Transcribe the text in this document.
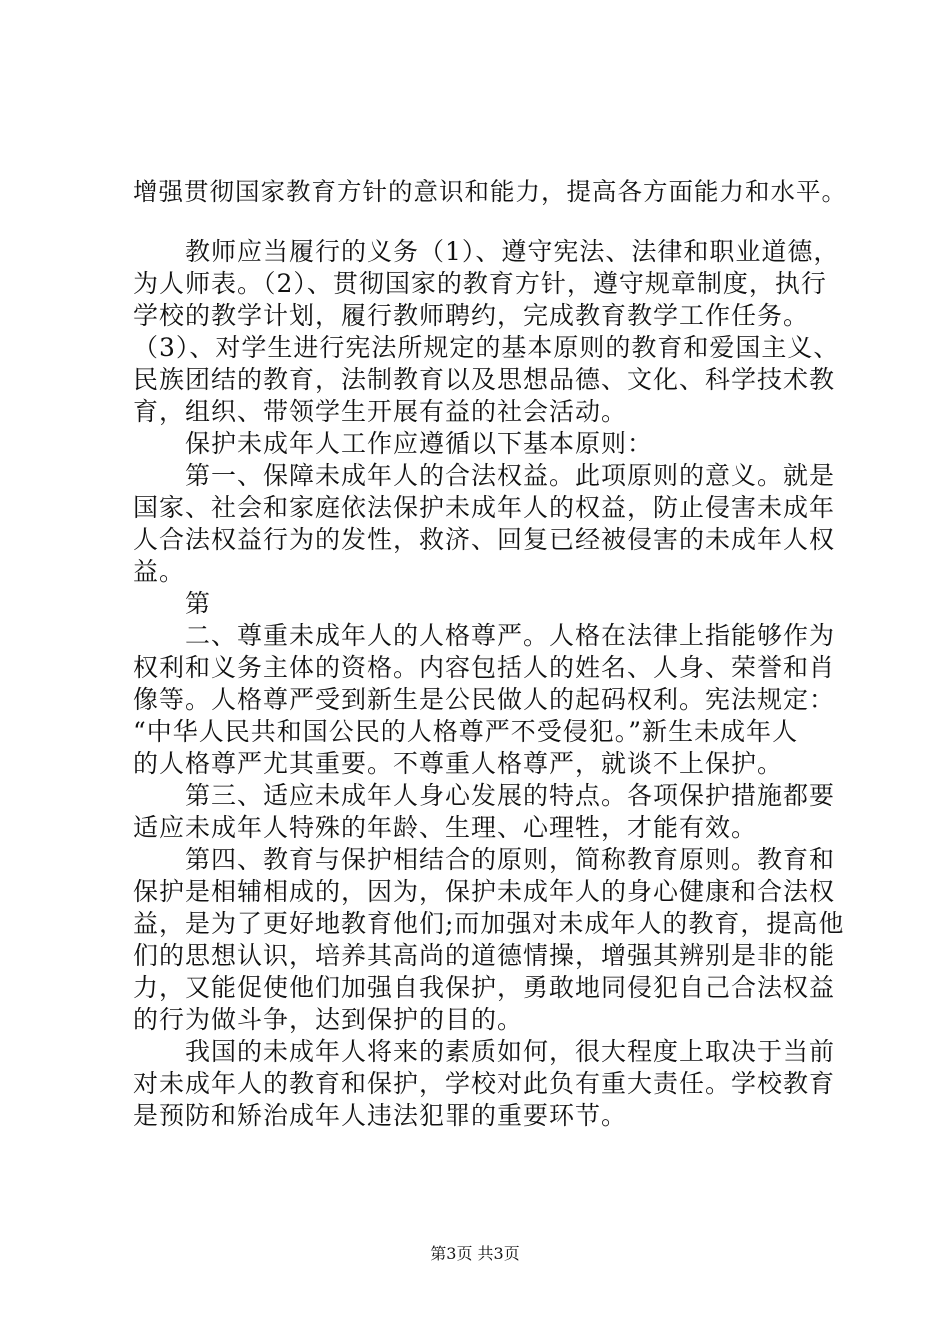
增强贯彻国家教育方针的意识和能力，提高各方面能力和水平。
　　教师应当履行的义务（1）、遵守宪法、法律和职业道德，
为人师表。（2）、贯彻国家的教育方针，遵守规章制度，执行
学校的教学计划，履行教师聘约，完成教育教学工作任务。
（3）、对学生进行宪法所规定的基本原则的教育和爱国主义、
民族团结的教育，法制教育以及思想品德、文化、科学技术教
育，组织、带领学生开展有益的社会活动。
　　保护未成年人工作应遵循以下基本原则：
　　第一、保障未成年人的合法权益。此项原则的意义。就是
国家、社会和家庭依法保护未成年人的权益，防止侵害未成年
人合法权益行为的发性，救济、回复已经被侵害的未成年人权
益。
　　第
　　二、尊重未成年人的人格尊严。人格在法律上指能够作为
权利和义务主体的资格。内容包括人的姓名、人身、荣誉和肖
像等。人格尊严受到新生是公民做人的起码权利。宪法规定：
“中华人民共和国公民的人格尊严不受侵犯。”新生未成年人
的人格尊严尤其重要。不尊重人格尊严，就谈不上保护。
　　第三、适应未成年人身心发展的特点。各项保护措施都要
适应未成年人特殊的年龄、生理、心理牲，才能有效。
　　第四、教育与保护相结合的原则，简称教育原则。教育和
保护是相辅相成的，因为，保护未成年人的身心健康和合法权
益，是为了更好地教育他们;而加强对未成年人的教育，提高他
们的思想认识，培养其高尚的道德情操，增强其辨别是非的能
力，又能促使他们加强自我保护，勇敢地同侵犯自己合法权益
的行为做斗争，达到保护的目的。
　　我国的未成年人将来的素质如何，很大程度上取决于当前
对未成年人的教育和保护，学校对此负有重大责任。学校教育
是预防和矫治成年人违法犯罪的重要环节。
第3页 共3页
